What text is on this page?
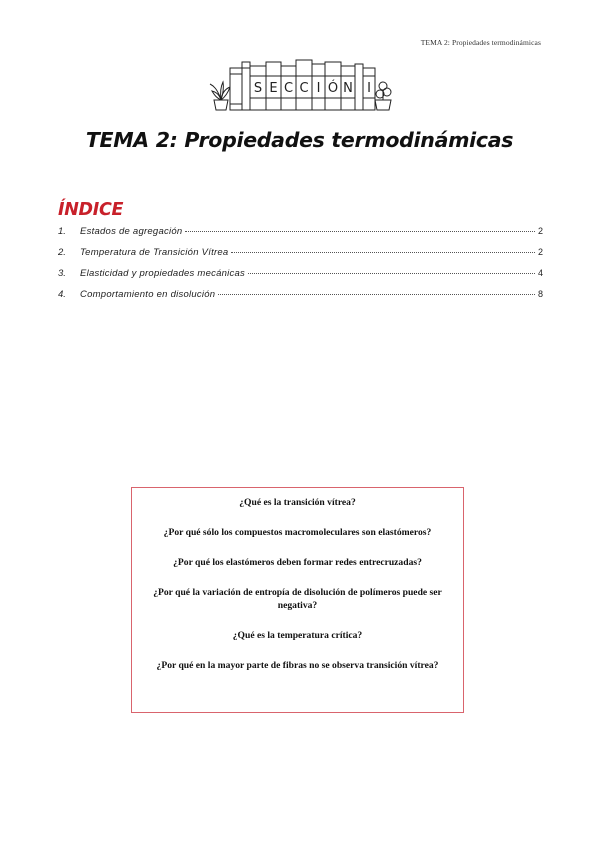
TEMA 2: Propiedades termodinámicas
S E C C I Ó N I
TEMA 2: Propiedades termodinámicas
ÍNDICE
1.	Estados de agregación	2
2.	Temperatura de Transición Vítrea	2
3.	Elasticidad y propiedades mecánicas	4
4.	Comportamiento en disolución	8

¿Qué es la transición vítrea?

¿Por qué sólo los compuestos macromoleculares son elastómeros?

¿Por qué los elastómeros deben formar redes entrecruzadas?

¿Por qué la variación de entropía de disolución de polímeros puede ser negativa?

¿Qué es la temperatura crítica?

¿Por qué en la mayor parte de fibras no se observa transición vítrea?
